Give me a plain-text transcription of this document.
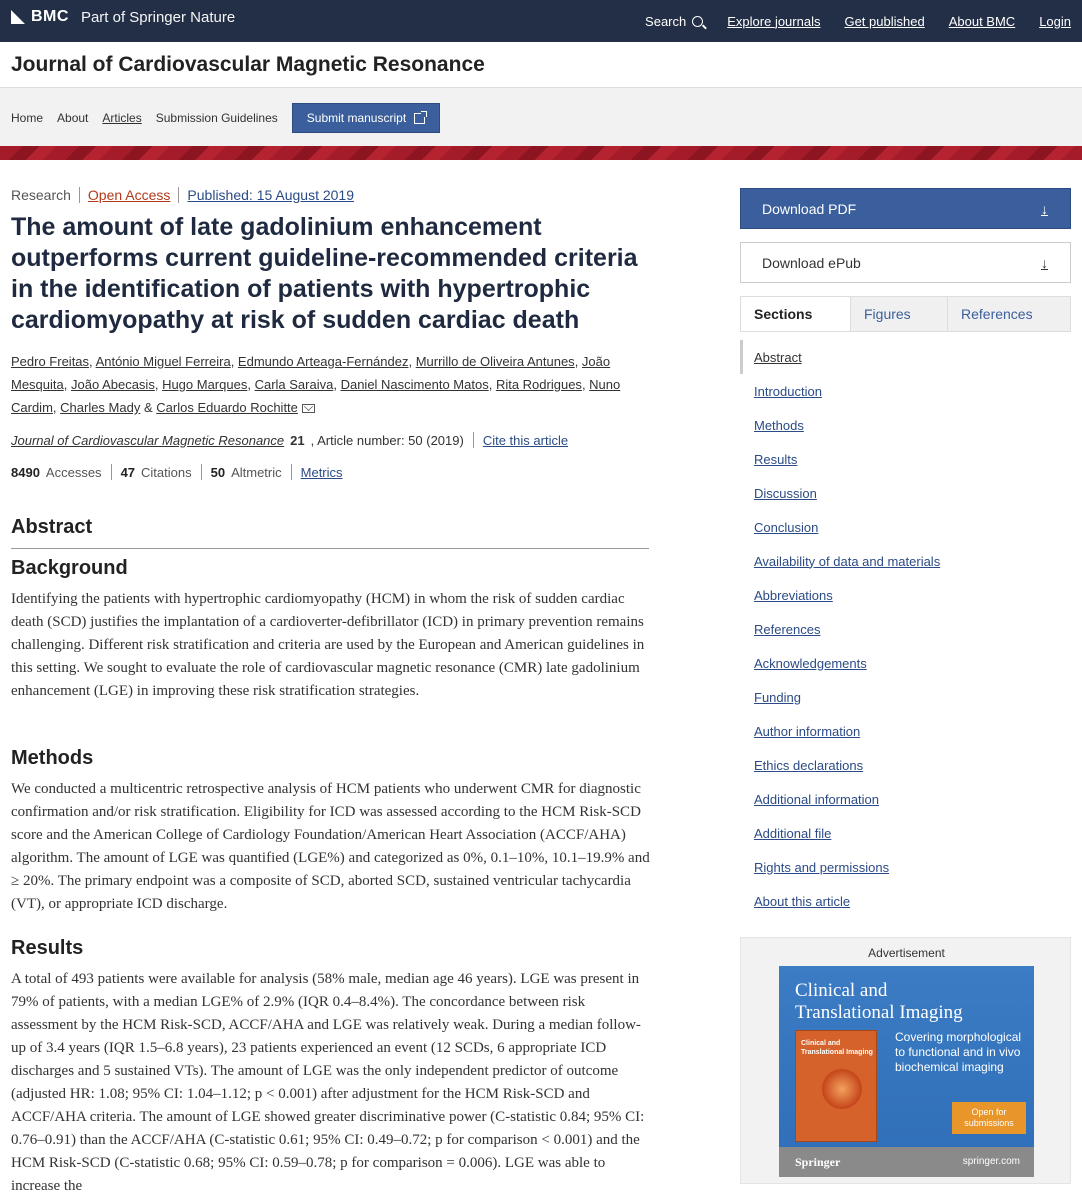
BMC Part of Springer Nature	Search	Explore journals Get published About BMC Login
Journal of Cardiovascular Magnetic Resonance
Home About Articles Submission Guidelines Submit manuscript
Research Open Access Published: 15 August 2019
The amount of late gadolinium enhancement outperforms current guideline-recommended criteria in the identification of patients with hypertrophic cardiomyopathy at risk of sudden cardiac death
Pedro Freitas, António Miguel Ferreira, Edmundo Arteaga-Fernández, Murrillo de Oliveira Antunes, João Mesquita, João Abecasis, Hugo Marques, Carla Saraiva, Daniel Nascimento Matos, Rita Rodrigues, Nuno Cardim, Charles Mady & Carlos Eduardo Rochitte
Journal of Cardiovascular Magnetic Resonance 21 , Article number: 50 (2019) Cite this article
8490 Accesses 47 Citations 50 Altmetric Metrics
Abstract
Background

Identifying the patients with hypertrophic cardiomyopathy (HCM) in whom the risk of sudden cardiac death (SCD) justifies the implantation of a cardioverter-defibrillator (ICD) in primary prevention remains challenging. Different risk stratification and criteria are used by the European and American guidelines in this setting. We sought to evaluate the role of cardiovascular magnetic resonance (CMR) late gadolinium enhancement (LGE) in improving these risk stratification strategies.

Methods

We conducted a multicentric retrospective analysis of HCM patients who underwent CMR for diagnostic confirmation and/or risk stratification. Eligibility for ICD was assessed according to the HCM Risk-SCD score and the American College of Cardiology Foundation/American Heart Association (ACCF/AHA) algorithm. The amount of LGE was quantified (LGE%) and categorized as 0%, 0.1–10%, 10.1–19.9% and ≥ 20%. The primary endpoint was a composite of SCD, aborted SCD, sustained ventricular tachycardia (VT), or appropriate ICD discharge.

Results

A total of 493 patients were available for analysis (58% male, median age 46 years). LGE was present in 79% of patients, with a median LGE% of 2.9% (IQR 0.4–8.4%). The concordance between risk assessment by the HCM Risk-SCD, ACCF/AHA and LGE was relatively weak. During a median follow-up of 3.4 years (IQR 1.5–6.8 years), 23 patients experienced an event (12 SCDs, 6 appropriate ICD discharges and 5 sustained VTs). The amount of LGE was the only independent predictor of outcome (adjusted HR: 1.08; 95% CI: 1.04–1.12; p < 0.001) after adjustment for the HCM Risk-SCD and ACCF/AHA criteria. The amount of LGE showed greater discriminative power (C-statistic 0.84; 95% CI: 0.76–0.91) than the ACCF/AHA (C-statistic 0.61; 95% CI: 0.49–0.72; p for comparison < 0.001) and the HCM Risk-SCD (C-statistic 0.68; 95% CI: 0.59–0.78; p for comparison = 0.006). LGE was able to increase the

Download PDF	↓
Download ePub	↓
Sections	Figures	References
Abstract
Introduction
Methods
Results
Discussion
Conclusion
Availability of data and materials
Abbreviations
References
Acknowledgements
Funding
Author information
Ethics declarations
Additional information
Additional file
Rights and permissions
About this article
Advertisement
Clinical and
Translational Imaging
Clinical and Translational Imaging
Covering morphological to functional and in vivo biochemical imaging
Open for submissions
Springer	springer.com
